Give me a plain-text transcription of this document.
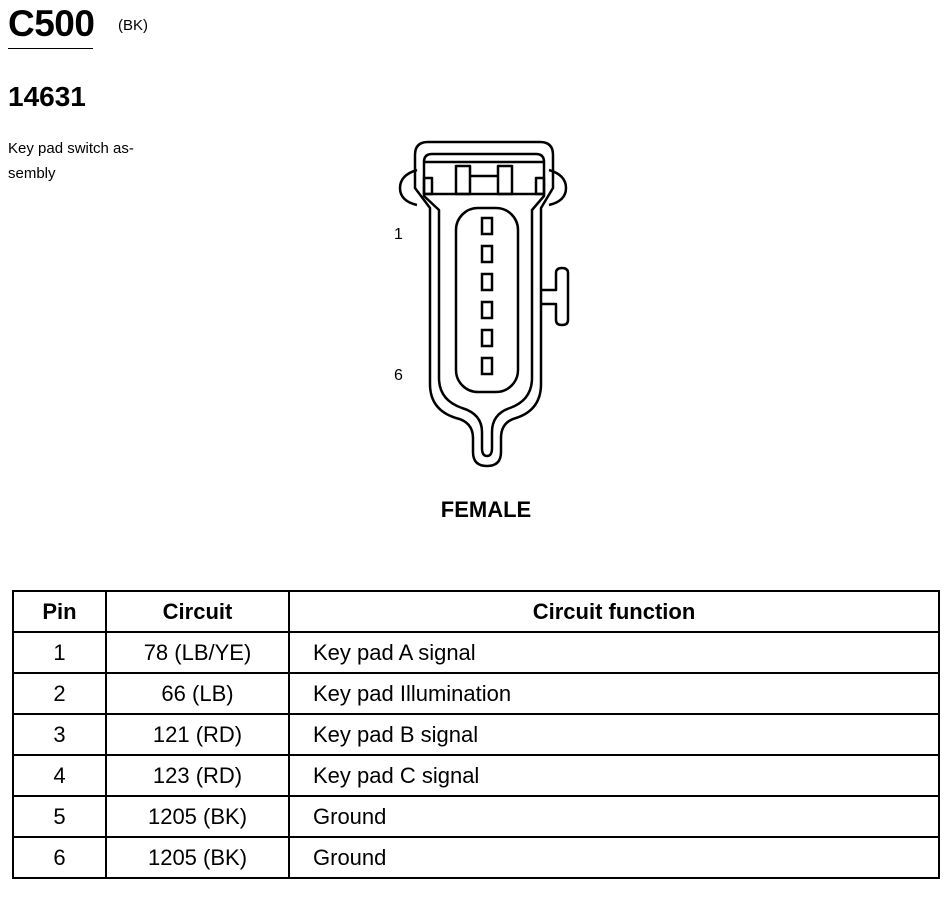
C500 (BK)
14631
Key pad switch as-
sembly
1
6
FEMALE
Pin	Circuit	Circuit function
1	78 (LB/YE)	Key pad A signal
2	66 (LB)	Key pad Illumination
3	121 (RD)	Key pad B signal
4	123 (RD)	Key pad C signal
5	1205 (BK)	Ground
6	1205 (BK)	Ground
